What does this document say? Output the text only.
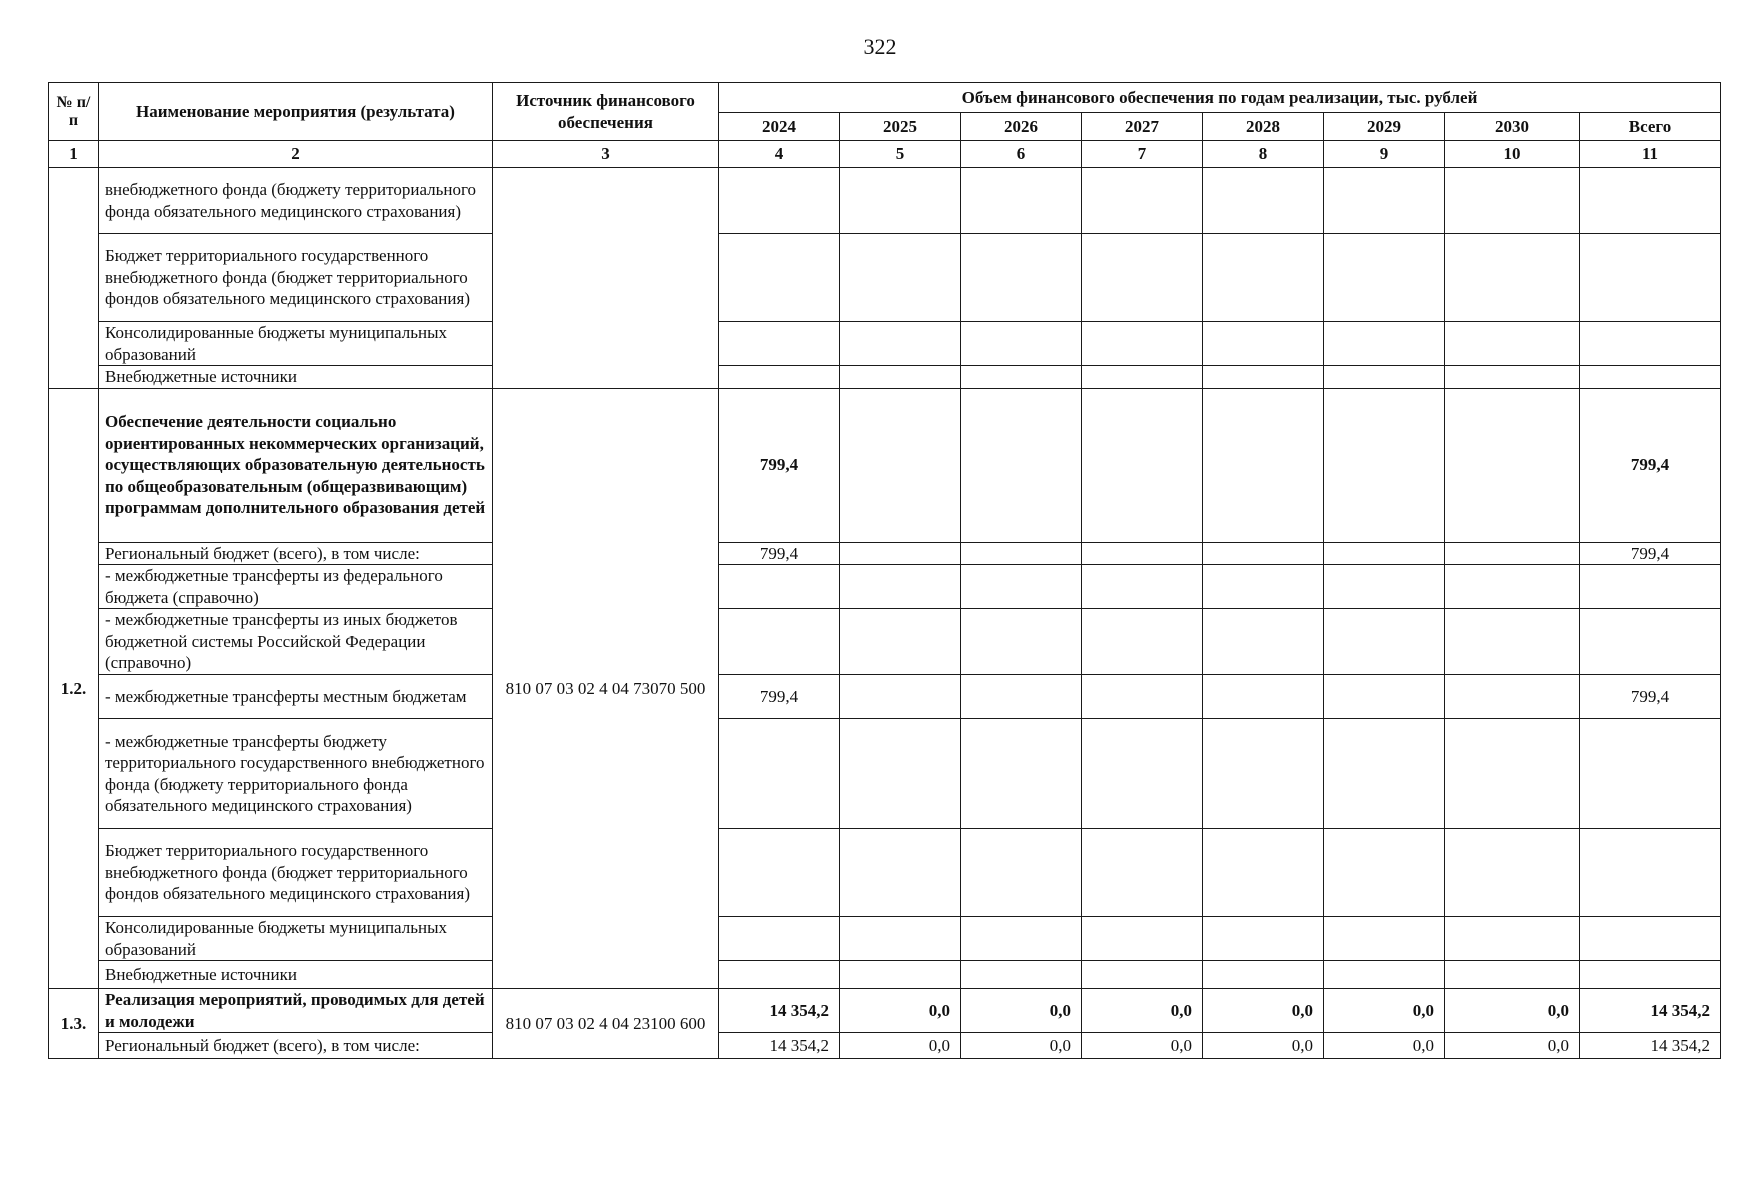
322
№ п/п	Наименование мероприятия (результата)	Источник финансового обеспечения	Объем финансового обеспечения по годам реализации, тыс. рублей							
			2024	2025	2026	2027	2028	2029	2030	Всего
1	2	3	4	5	6	7	8	9	10	11
	внебюджетного фонда (бюджету территориального фонда обязательного медицинского страхования)									
	Бюджет территориального государственного внебюджетного фонда (бюджет территориального фондов обязательного медицинского страхования)									
	Консолидированные бюджеты муниципальных образований									
	Внебюджетные источники									
1.2.	Обеспечение деятельности социально ориентированных некоммерческих организаций, осуществляющих образовательную деятельность по общеобразовательным (общеразвивающим) программам дополнительного образования детей	810 07 03 02 4 04 73070 500	799,4							799,4
	Региональный бюджет (всего), в том числе:		799,4							799,4
	- межбюджетные трансферты из федерального бюджета (справочно)									
	- межбюджетные трансферты из иных бюджетов бюджетной системы Российской Федерации (справочно)									
	- межбюджетные трансферты местным бюджетам		799,4							799,4
	- межбюджетные трансферты бюджету территориального государственного внебюджетного фонда (бюджету территориального фонда обязательного медицинского страхования)									
	Бюджет территориального государственного внебюджетного фонда (бюджет территориального фондов обязательного медицинского страхования)									
	Консолидированные бюджеты муниципальных образований									
	Внебюджетные источники									
1.3.	Реализация мероприятий, проводимых для детей и молодежи	810 07 03 02 4 04 23100 600	14 354,2	0,0	0,0	0,0	0,0	0,0	0,0	14 354,2
	Региональный бюджет (всего), в том числе:		14 354,2	0,0	0,0	0,0	0,0	0,0	0,0	14 354,2
